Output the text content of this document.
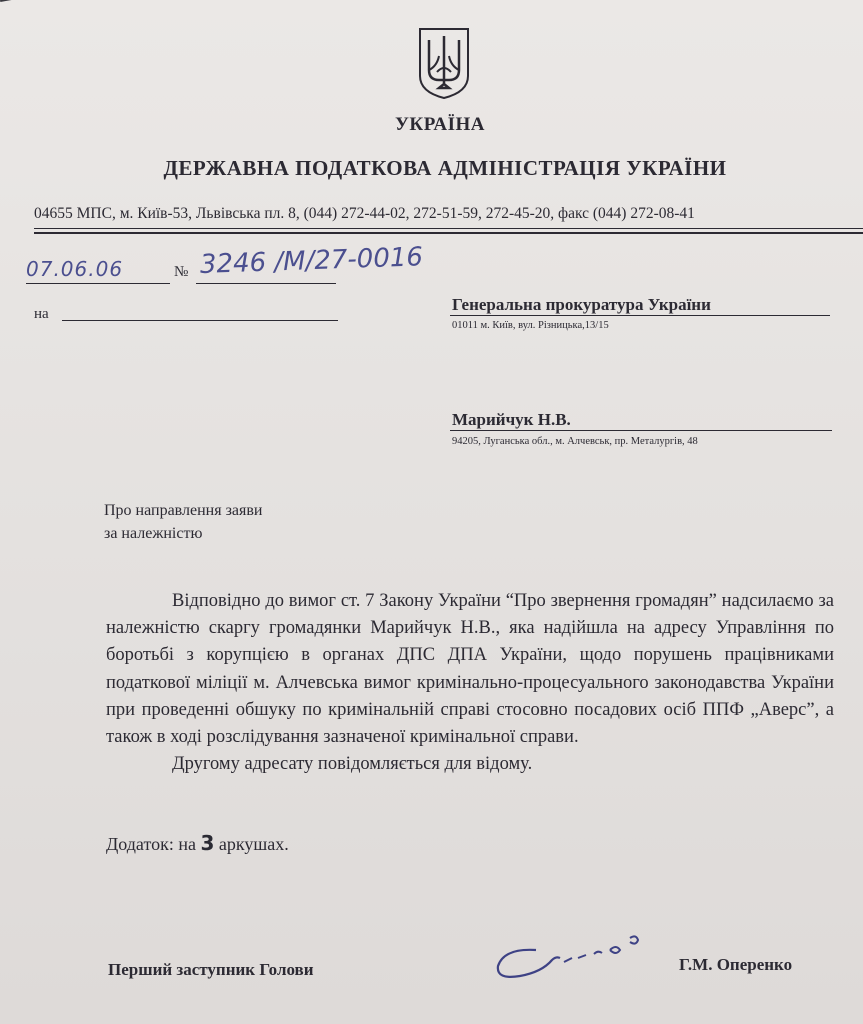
УКРАЇНА
ДЕРЖАВНА ПОДАТКОВА АДМІНІСТРАЦІЯ УКРАЇНИ
04655 МПС, м. Київ-53, Львівська пл. 8, (044) 272-44-02, 272-51-59, 272-45-20, факс (044) 272-08-41
07.06.06	№ 3246 /М/27-0016
на	Генеральна прокуратура України
01011 м. Київ, вул. Різницька,13/15
Марийчук Н.В.
94205, Луганська обл., м. Алчевськ, пр. Металургів, 48
Про направлення заяви
за належністю

Відповідно до вимог ст. 7 Закону України “Про звернення громадян” надсилаємо за належністю скаргу громадянки Марийчук Н.В., яка надійшла на адресу Управління по боротьбі з корупцією в органах ДПС ДПА України, щодо порушень працівниками податкової міліції м. Алчевська вимог кримінально-процесуального законодавства України при проведенні обшуку по кримінальній справі стосовно посадових осіб ППФ „Аверс”, а також в ході розслідування зазначеної кримінальної справи.

Другому адресату повідомляється для відому.

Додаток: на 3 аркушах.
Перший заступник Голови	Г.М. Оперенко
